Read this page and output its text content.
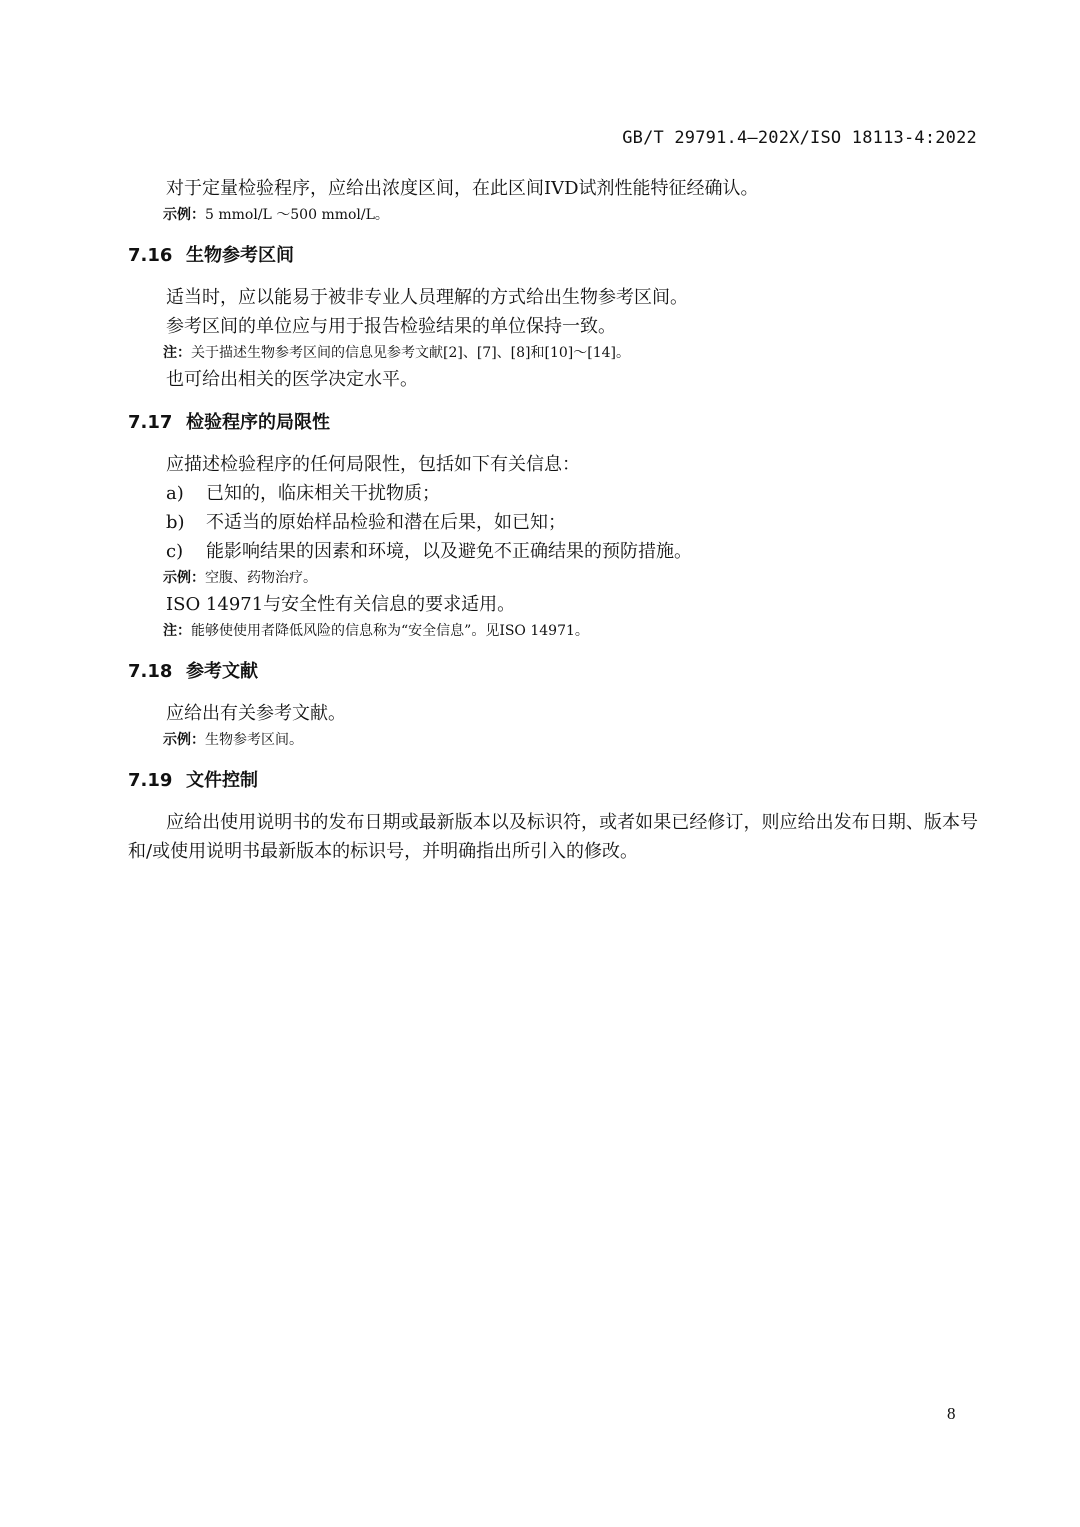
GB/T 29791.4—202X/ISO 18113-4:2022

对于定量检验程序，应给出浓度区间，在此区间IVD试剂性能特征经确认。

示例：5 mmol/L ～500 mmol/L。

7.16 生物参考区间

适当时，应以能易于被非专业人员理解的方式给出生物参考区间。

参考区间的单位应与用于报告检验结果的单位保持一致。

注：关于描述生物参考区间的信息见参考文献[2]、[7]、[8]和[10]～[14]。

也可给出相关的医学决定水平。

7.17 检验程序的局限性

应描述检验程序的任何局限性，包括如下有关信息：

a)	已知的，临床相关干扰物质；
b)	不适当的原始样品检验和潜在后果，如已知；
c)	能影响结果的因素和环境，以及避免不正确结果的预防措施。

示例：空腹、药物治疗。

ISO 14971与安全性有关信息的要求适用。

注：能够使使用者降低风险的信息称为“安全信息”。见ISO 14971。

7.18 参考文献

应给出有关参考文献。

示例：生物参考区间。

7.19 文件控制

应给出使用说明书的发布日期或最新版本以及标识符，或者如果已经修订，则应给出发布日期、版本号和/或使用说明书最新版本的标识号，并明确指出所引入的修改。

8
